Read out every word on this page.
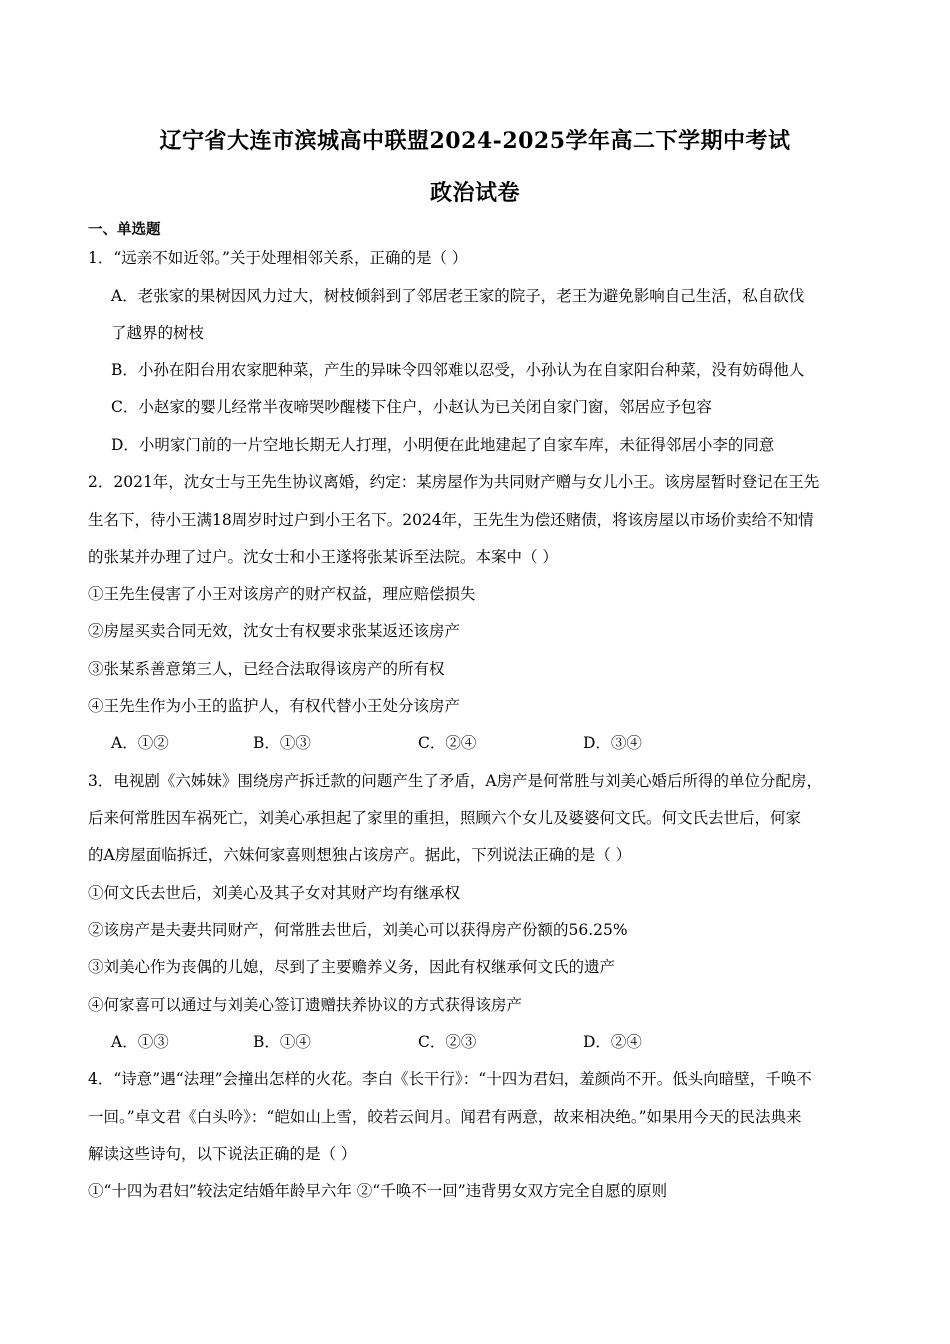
辽宁省大连市滨城高中联盟2024-2025学年高二下学期中考试
政治试卷
一、单选题
1．“远亲不如近邻。”关于处理相邻关系，正确的是（ ）
A．老张家的果树因风力过大，树枝倾斜到了邻居老王家的院子，老王为避免影响自己生活，私自砍伐
了越界的树枝
B．小孙在阳台用农家肥种菜，产生的异味令四邻难以忍受，小孙认为在自家阳台种菜，没有妨碍他人
C．小赵家的婴儿经常半夜啼哭吵醒楼下住户，小赵认为已关闭自家门窗，邻居应予包容
D．小明家门前的一片空地长期无人打理，小明便在此地建起了自家车库，未征得邻居小李的同意
2．2021年，沈女士与王先生协议离婚，约定：某房屋作为共同财产赠与女儿小王。该房屋暂时登记在王先
生名下，待小王满18周岁时过户到小王名下。2024年，王先生为偿还赌债，将该房屋以市场价卖给不知情
的张某并办理了过户。沈女士和小王遂将张某诉至法院。本案中（ ）
①王先生侵害了小王对该房产的财产权益，理应赔偿损失
②房屋买卖合同无效，沈女士有权要求张某返还该房产
③张某系善意第三人，已经合法取得该房产的所有权
④王先生作为小王的监护人，有权代替小王处分该房产
A．①②	B．①③	C．②④	D．③④
3．电视剧《六姊妹》围绕房产拆迁款的问题产生了矛盾，A房产是何常胜与刘美心婚后所得的单位分配房，
后来何常胜因车祸死亡，刘美心承担起了家里的重担，照顾六个女儿及婆婆何文氏。何文氏去世后，何家
的A房屋面临拆迁，六妹何家喜则想独占该房产。据此，下列说法正确的是（ ）
①何文氏去世后，刘美心及其子女对其财产均有继承权
②该房产是夫妻共同财产，何常胜去世后，刘美心可以获得房产份额的56.25%
③刘美心作为丧偶的儿媳，尽到了主要赡养义务，因此有权继承何文氏的遗产
④何家喜可以通过与刘美心签订遗赠扶养协议的方式获得该房产
A．①③	B．①④	C．②③	D．②④
4．“诗意”遇“法理”会撞出怎样的火花。李白《长干行》：“十四为君妇，羞颜尚不开。低头向暗壁，千唤不
一回。”卓文君《白头吟》：“皑如山上雪，皎若云间月。闻君有两意，故来相决绝。”如果用今天的民法典来
解读这些诗句，以下说法正确的是（ ）
①“十四为君妇”较法定结婚年龄早六年 ②“千唤不一回”违背男女双方完全自愿的原则
